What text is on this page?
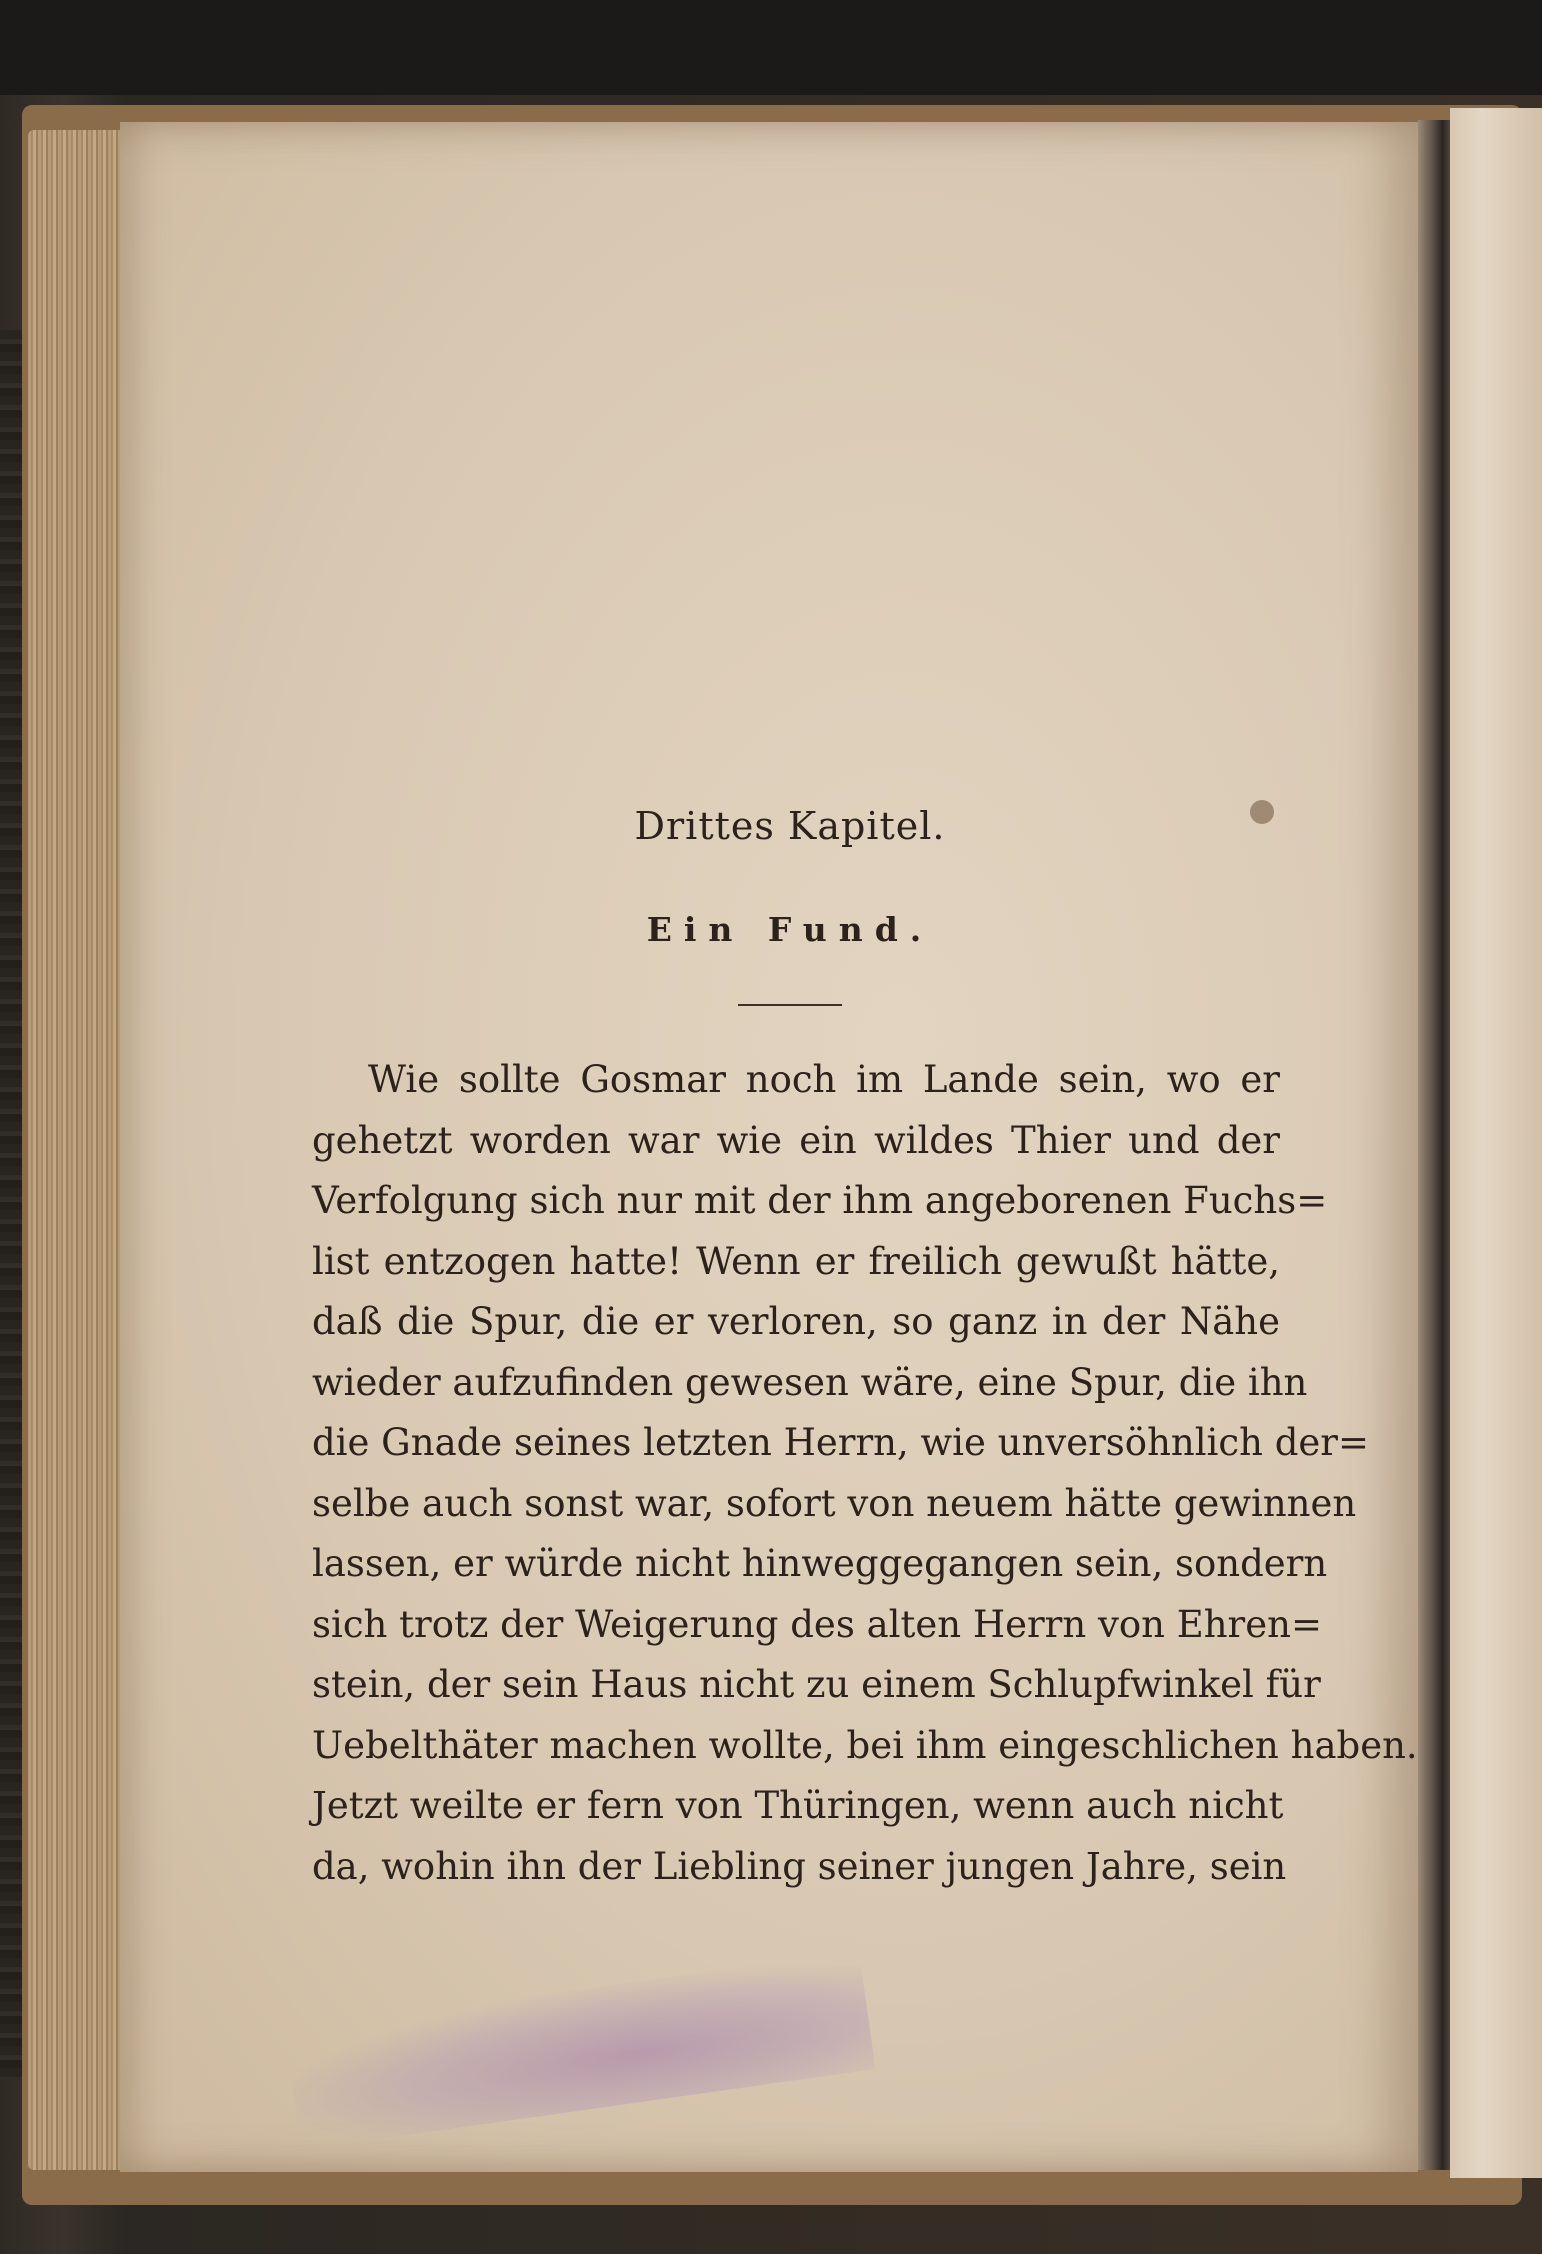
Drittes Kapitel.
Ein Fund.
Wie sollte Gosmar noch im Lande sein, wo er
gehetzt worden war wie ein wildes Thier und der
Verfolgung sich nur mit der ihm angeborenen Fuchs=
list entzogen hatte! Wenn er freilich gewußt hätte,
daß die Spur, die er verloren, so ganz in der Nähe
wieder aufzufinden gewesen wäre, eine Spur, die ihn
die Gnade seines letzten Herrn, wie unversöhnlich der=
selbe auch sonst war, sofort von neuem hätte gewinnen
lassen, er würde nicht hinweggegangen sein, sondern
sich trotz der Weigerung des alten Herrn von Ehren=
stein, der sein Haus nicht zu einem Schlupfwinkel für
Uebelthäter machen wollte, bei ihm eingeschlichen haben.
Jetzt weilte er fern von Thüringen, wenn auch nicht
da, wohin ihn der Liebling seiner jungen Jahre, sein
